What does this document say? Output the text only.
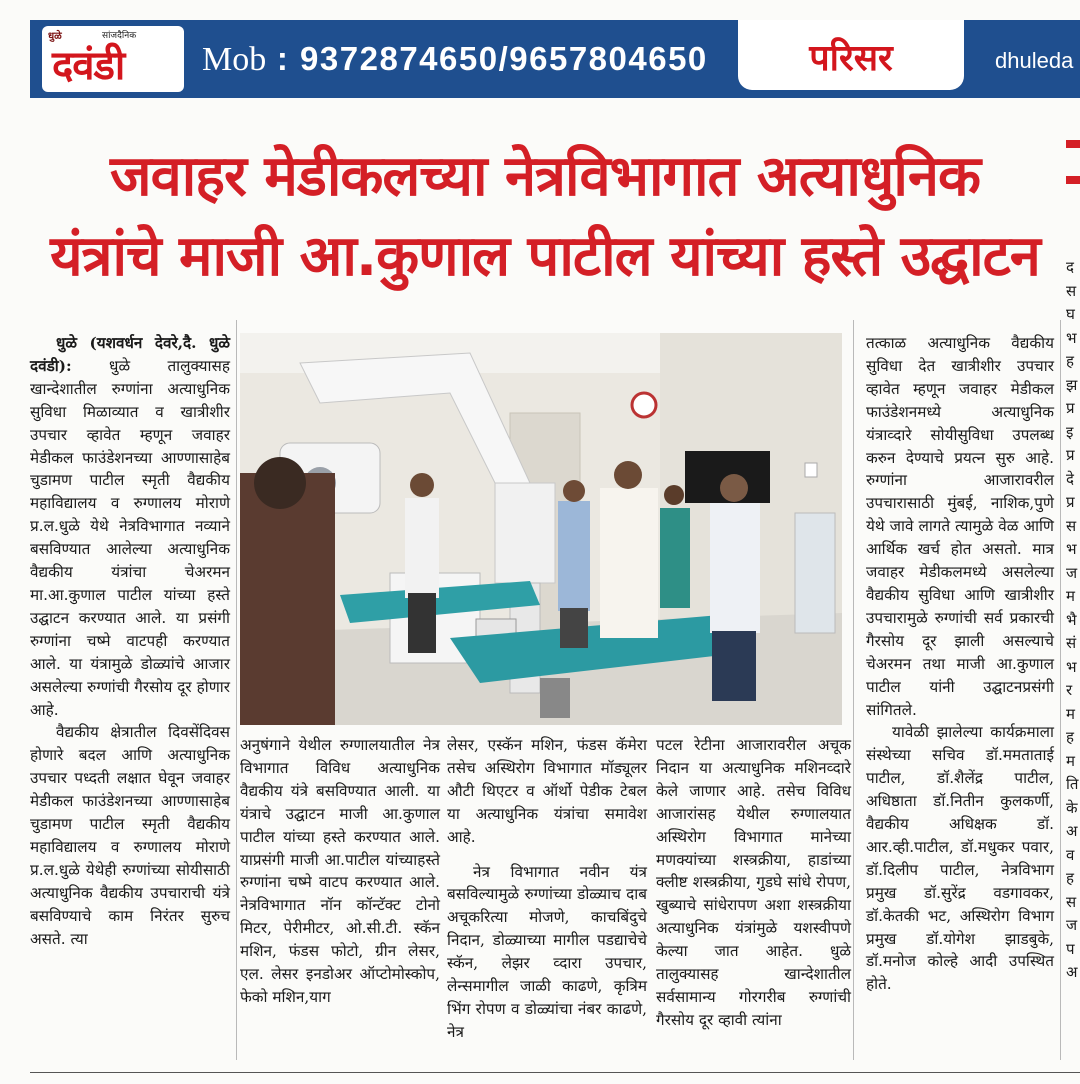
धुळे	सांजदैनिक
दवंडी Mob : 9372874650/9657804650	परिसर	dhuleda
जवाहर मेडीकलच्या नेत्रविभागात अत्याधुनिक
यंत्रांचे माजी आ.कुणाल पाटील यांच्या हस्ते उद्घाटन

धुळे (यशवर्धन देवरे,दै. धुळे दवंडी): धुळे तालुक्यासह खान्देशातील रुग्णांना अत्याधुनिक सुविधा मिळाव्यात व खात्रीशीर उपचार व्हावेत म्हणून जवाहर मेडीकल फाउंडेशनच्या आण्णासाहेब चुडामण पाटील स्मृती वैद्यकीय महाविद्यालय व रुग्णालय मोराणे प्र.ल.धुळे येथे नेत्रविभागात नव्याने बसविण्यात आलेल्या अत्याधुनिक वैद्यकीय यंत्रांचा चेअरमन मा.आ.कुणाल पाटील यांच्या हस्ते उद्घाटन करण्यात आले. या प्रसंगी रुग्णांना चष्मे वाटपही करण्यात आले. या यंत्रामुळे डोळ्यांचे आजार असलेल्या रुग्णांची गैरसोय दूर होणार आहे.

वैद्यकीय क्षेत्रातील दिवसेंदिवस होणारे बदल आणि अत्याधुनिक उपचार पध्दती लक्षात घेवून जवाहर मेडीकल फाउंडेशनच्या आण्णासाहेब चुडामण पाटील स्मृती वैद्यकीय महाविद्यालय व रुग्णालय मोराणे प्र.ल.धुळे येथेही रुग्णांच्या सोयीसाठी अत्याधुनिक वैद्यकीय उपचाराची यंत्रे बसविण्याचे काम निरंतर सुरुच असते. त्या

अनुषंगाने येथील रुग्णालयातील नेत्र विभागात विविध अत्याधुनिक वैद्यकीय यंत्रे बसविण्यात आली. या यंत्राचे उद्घाटन माजी आ.कुणाल पाटील यांच्या हस्ते करण्यात आले. याप्रसंगी माजी आ.पाटील यांच्याहस्ते रुग्णांना चष्मे वाटप करण्यात आले. नेत्रविभागात नॉन कॉन्टॅक्ट टोनो मिटर, पेरीमीटर, ओ.सी.टी. स्कॅन मशिन, फंडस फोटो, ग्रीन लेसर, एल. लेसर इनडोअर ऑप्टोमोस्कोप, फेको मशिन,याग

लेसर, एस्कॅन मशिन, फंडस कॅमेरा तसेच अस्थिरोग विभागात मॉड्यूलर औटी थिएटर व ऑर्थो पेडीक टेबल या अत्याधुनिक यंत्रांचा समावेश आहे.

नेत्र विभागात नवीन यंत्र बसविल्यामुळे रुग्णांच्या डोळ्याच दाब अचूकरित्या मोजणे, काचबिंदुचे निदान, डोळ्याच्या मागील पडद्याचेचे स्कॅन, लेझर व्दारा उपचार, लेन्समागील जाळी काढणे, कृत्रिम भिंग रोपण व डोळ्यांचा नंबर काढणे, नेत्र

पटल रेटीना आजारावरील अचूक निदान या अत्याधुनिक मशिनव्दारे केले जाणार आहे. तसेच विविध आजारांसह येथील रुग्णालयात अस्थिरोग विभागात मानेच्या मणक्यांच्या शस्त्रक्रीया, हाडांच्या क्लीष्ट शस्त्रक्रीया, गुडघे सांधे रोपण, खुब्याचे सांधेरापण अशा शस्त्रक्रीया अत्याधुनिक यंत्रांमुळे यशस्वीपणे केल्या जात आहेत. धुळे तालुक्यासह खान्देशातील सर्वसामान्य गोरगरीब रुग्णांची गैरसोय दूर व्हावी त्यांना

तत्काळ अत्याधुनिक वैद्यकीय सुविधा देत खात्रीशीर उपचार व्हावेत म्हणून जवाहर मेडीकल फाउंडेशनमध्ये अत्याधुनिक यंत्राव्दारे सोयीसुविधा उपलब्ध करुन देण्याचे प्रयत्न सुरु आहे. रुग्णांना आजारावरील उपचारासाठी मुंबई, नाशिक,पुणे येथे जावे लागते त्यामुळे वेळ आणि आर्थिक खर्च होत असतो. मात्र जवाहर मेडीकलमध्ये असलेल्या वैद्यकीय सुविधा आणि खात्रीशीर उपचारामुळे रुग्णांची सर्व प्रकारची गैरसोय दूर झाली असल्याचे चेअरमन तथा माजी आ.कुणाल पाटील यांनी उद्घाटनप्रसंगी सांगितले.

यावेळी झालेल्या कार्यक्रमाला संस्थेच्या सचिव डॉ.ममताताई पाटील, डॉ.शैलेंद्र पाटील, अधिष्ठाता डॉ.नितीन कुलकर्णी, वैद्यकीय अधिक्षक डॉ. आर.व्ही.पाटील, डॉ.मधुकर पवार, डॉ.दिलीप पाटील, नेत्रविभाग प्रमुख डॉ.सुरेंद्र वडगावकर, डॉ.केतकी भट, अस्थिरोग विभाग प्रमुख डॉ.योगेश झाडबुके, डॉ.मनोज कोल्हे आदी उपस्थित होते.

द
स
घ
भ
ह
झ
प्र
इ
प्र
दे
प्र
स
भ
ज
म
भै
सं
भ
र
म
ह
म
ति
के
अ
व
ह
स
ज
प
अ
